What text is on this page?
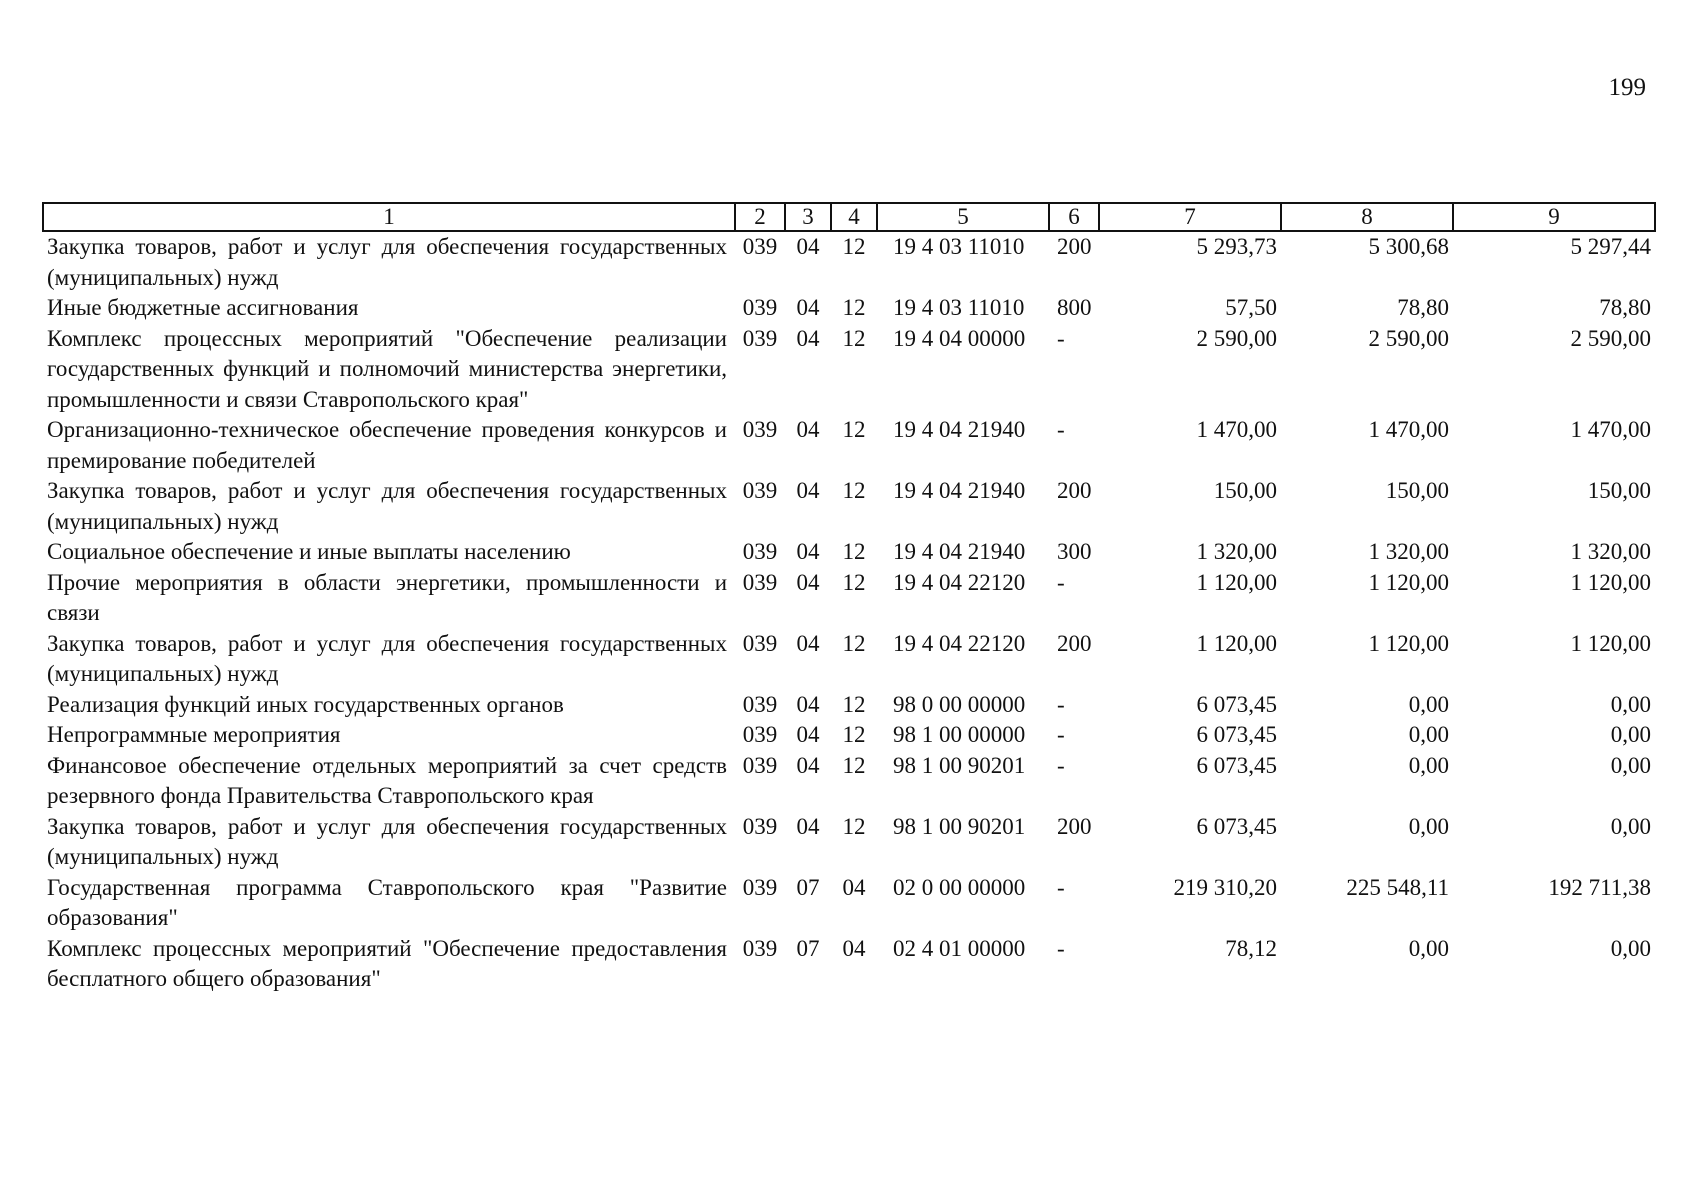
199
1	2	3	4	5	6	7	8	9
Закупка товаров, работ и услуг для обеспечения государственных (муниципальных) нужд	039	04	12	19 4 03 11010	200	5 293,73	5 300,68	5 297,44
Иные бюджетные ассигнования	039	04	12	19 4 03 11010	800	57,50	78,80	78,80
Комплекс процессных мероприятий "Обеспечение реализации государственных функций и полномочий министерства энергетики, промышленности и связи Ставропольского края"	039	04	12	19 4 04 00000	-	2 590,00	2 590,00	2 590,00
Организационно-техническое обеспечение проведения конкурсов и премирование победителей	039	04	12	19 4 04 21940	-	1 470,00	1 470,00	1 470,00
Закупка товаров, работ и услуг для обеспечения государственных (муниципальных) нужд	039	04	12	19 4 04 21940	200	150,00	150,00	150,00
Социальное обеспечение и иные выплаты населению	039	04	12	19 4 04 21940	300	1 320,00	1 320,00	1 320,00
Прочие мероприятия в области энергетики, промышленности и связи	039	04	12	19 4 04 22120	-	1 120,00	1 120,00	1 120,00
Закупка товаров, работ и услуг для обеспечения государственных (муниципальных) нужд	039	04	12	19 4 04 22120	200	1 120,00	1 120,00	1 120,00
Реализация функций иных государственных органов	039	04	12	98 0 00 00000	-	6 073,45	0,00	0,00
Непрограммные мероприятия	039	04	12	98 1 00 00000	-	6 073,45	0,00	0,00
Финансовое обеспечение отдельных мероприятий за счет средств резервного фонда Правительства Ставропольского края	039	04	12	98 1 00 90201	-	6 073,45	0,00	0,00
Закупка товаров, работ и услуг для обеспечения государственных (муниципальных) нужд	039	04	12	98 1 00 90201	200	6 073,45	0,00	0,00
Государственная программа Ставропольского края "Развитие образования"	039	07	04	02 0 00 00000	-	219 310,20	225 548,11	192 711,38
Комплекс процессных мероприятий "Обеспечение предоставления бесплатного общего образования"	039	07	04	02 4 01 00000	-	78,12	0,00	0,00
